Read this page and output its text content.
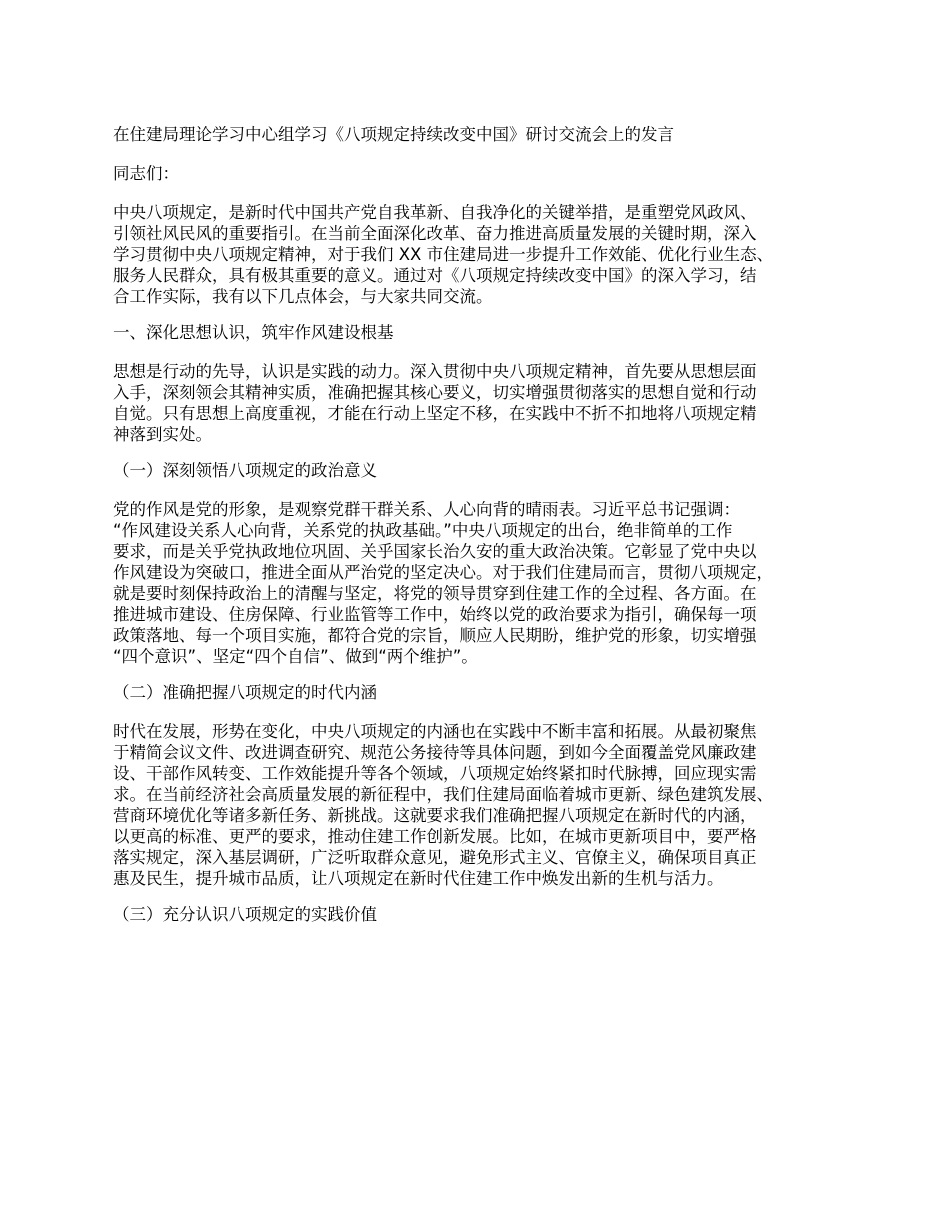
在住建局理论学习中心组学习《八项规定持续改变中国》研讨交流会上的发言

同志们：

中央八项规定，是新时代中国共产党自我革新、自我净化的关键举措，是重塑党风政风、

引领社风民风的重要指引。在当前全面深化改革、奋力推进高质量发展的关键时期，深入

学习贯彻中央八项规定精神，对于我们 XX 市住建局进一步提升工作效能、优化行业生态、

服务人民群众，具有极其重要的意义。通过对《八项规定持续改变中国》的深入学习，结

合工作实际，我有以下几点体会，与大家共同交流。

一、深化思想认识，筑牢作风建设根基

思想是行动的先导，认识是实践的动力。深入贯彻中央八项规定精神，首先要从思想层面

入手，深刻领会其精神实质，准确把握其核心要义，切实增强贯彻落实的思想自觉和行动

自觉。只有思想上高度重视，才能在行动上坚定不移，在实践中不折不扣地将八项规定精

神落到实处。

（一）深刻领悟八项规定的政治意义

党的作风是党的形象，是观察党群干群关系、人心向背的晴雨表。习近平总书记强调：

“作风建设关系人心向背，关系党的执政基础。”中央八项规定的出台，绝非简单的工作

要求，而是关乎党执政地位巩固、关乎国家长治久安的重大政治决策。它彰显了党中央以

作风建设为突破口，推进全面从严治党的坚定决心。对于我们住建局而言，贯彻八项规定，

就是要时刻保持政治上的清醒与坚定，将党的领导贯穿到住建工作的全过程、各方面。在

推进城市建设、住房保障、行业监管等工作中，始终以党的政治要求为指引，确保每一项

政策落地、每一个项目实施，都符合党的宗旨，顺应人民期盼，维护党的形象，切实增强

“四个意识”、坚定“四个自信”、做到“两个维护”。

（二）准确把握八项规定的时代内涵

时代在发展，形势在变化，中央八项规定的内涵也在实践中不断丰富和拓展。从最初聚焦

于精简会议文件、改进调查研究、规范公务接待等具体问题，到如今全面覆盖党风廉政建

设、干部作风转变、工作效能提升等各个领域，八项规定始终紧扣时代脉搏，回应现实需

求。在当前经济社会高质量发展的新征程中，我们住建局面临着城市更新、绿色建筑发展、

营商环境优化等诸多新任务、新挑战。这就要求我们准确把握八项规定在新时代的内涵，

以更高的标准、更严的要求，推动住建工作创新发展。比如，在城市更新项目中，要严格

落实规定，深入基层调研，广泛听取群众意见，避免形式主义、官僚主义，确保项目真正

惠及民生，提升城市品质，让八项规定在新时代住建工作中焕发出新的生机与活力。

（三）充分认识八项规定的实践价值
